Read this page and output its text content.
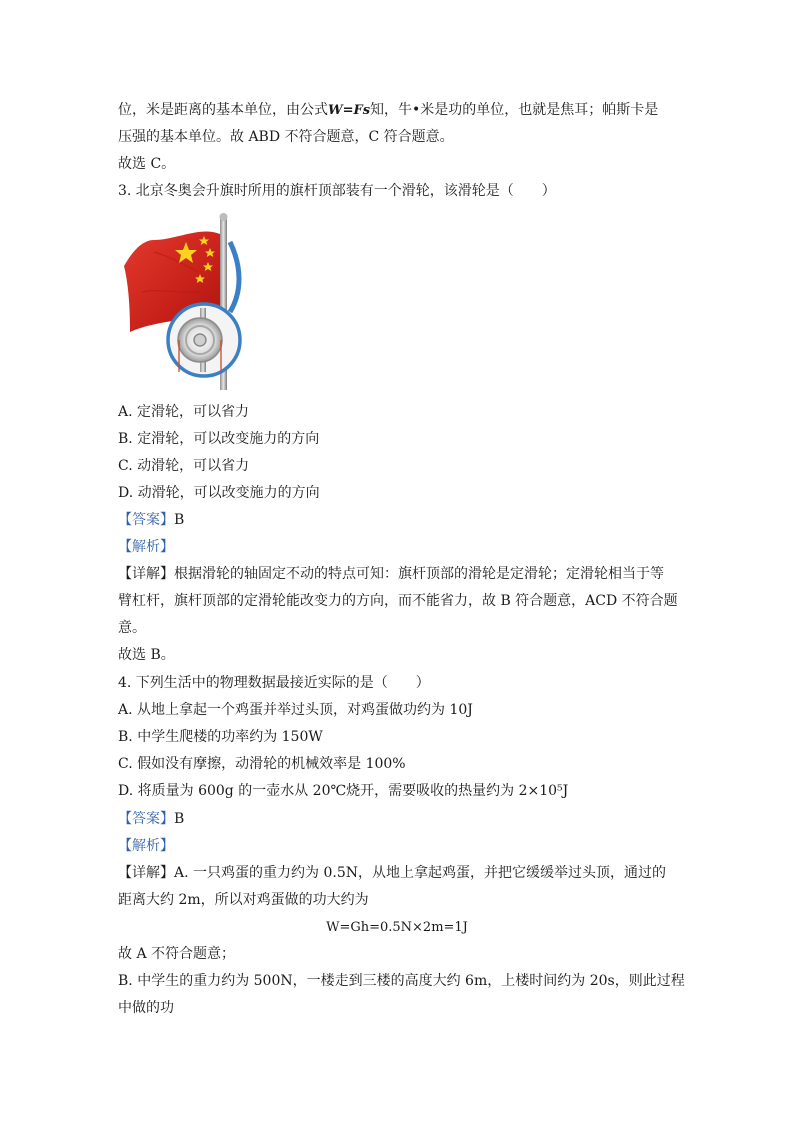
位，米是距离的基本单位，由公式W=Fs知，牛•米是功的单位，也就是焦耳；帕斯卡是
压强的基本单位。故 ABD 不符合题意，C 符合题意。
故选 C。
3. 北京冬奥会升旗时所用的旗杆顶部装有一个滑轮，该滑轮是（　　）
A. 定滑轮，可以省力
B. 定滑轮，可以改变施力的方向
C. 动滑轮，可以省力
D. 动滑轮，可以改变施力的方向
【答案】B
【解析】
【详解】根据滑轮的轴固定不动的特点可知：旗杆顶部的滑轮是定滑轮；定滑轮相当于等
臂杠杆，旗杆顶部的定滑轮能改变力的方向，而不能省力，故 B 符合题意，ACD 不符合题
意。
故选 B。
4. 下列生活中的物理数据最接近实际的是（　　）
A. 从地上拿起一个鸡蛋并举过头顶，对鸡蛋做功约为 10J
B. 中学生爬楼的功率约为 150W
C. 假如没有摩擦，动滑轮的机械效率是 100%
D. 将质量为 600g 的一壶水从 20℃烧开，需要吸收的热量约为 2×10⁵J
【答案】B
【解析】
【详解】A. 一只鸡蛋的重力约为 0.5N，从地上拿起鸡蛋，并把它缓缓举过头顶，通过的
距离大约 2m，所以对鸡蛋做的功大约为
W=Gh=0.5N×2m=1J
故 A 不符合题意；
B. 中学生的重力约为 500N，一楼走到三楼的高度大约 6m，上楼时间约为 20s，则此过程
中做的功
